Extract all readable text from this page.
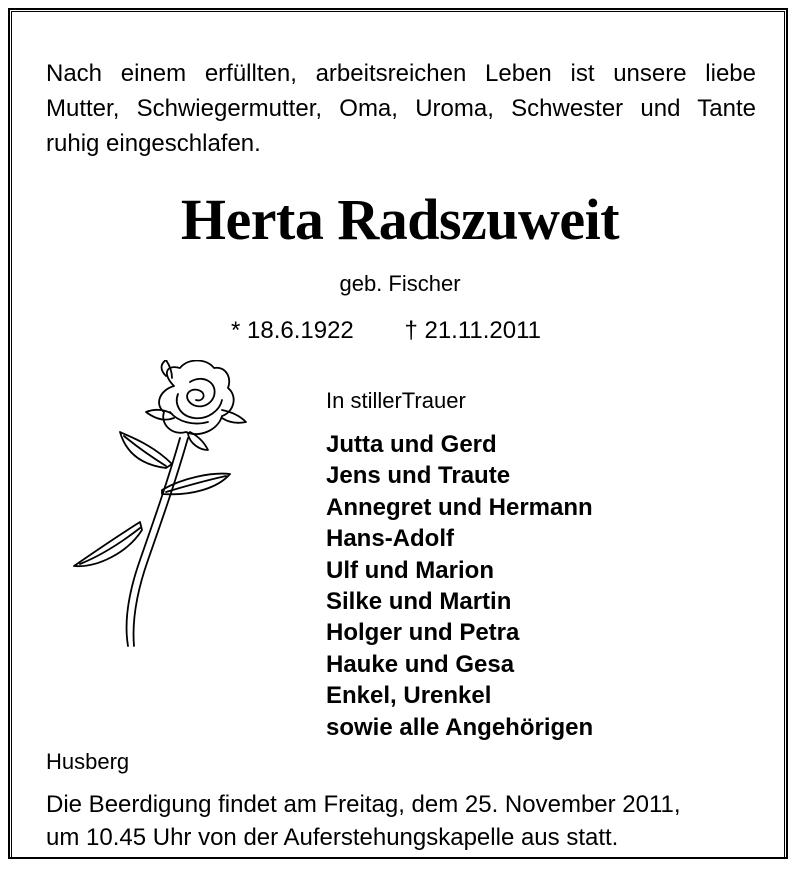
Nach einem erfüllten, arbeitsreichen Leben ist unsere liebe
Mutter, Schwiegermutter, Oma, Uroma, Schwester und Tante
ruhig eingeschlafen.
Herta Radszuweit
geb. Fischer
* 18.6.1922 † 21.11.2011
In stillerTrauer
Jutta und Gerd
Jens und Traute
Annegret und Hermann
Hans-Adolf
Ulf und Marion
Silke und Martin
Holger und Petra
Hauke und Gesa
Enkel, Urenkel
sowie alle Angehörigen
Husberg
Die Beerdigung findet am Freitag, dem 25. November 2011,
um 10.45 Uhr von der Auferstehungskapelle aus statt.
